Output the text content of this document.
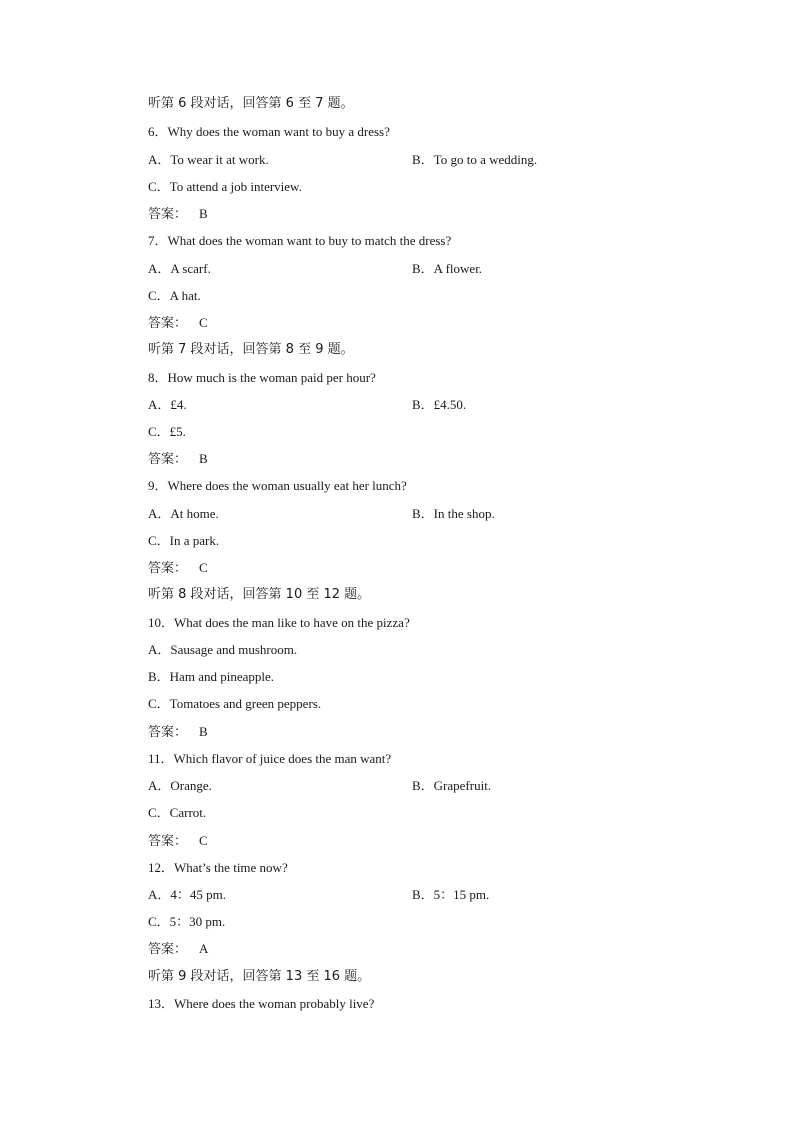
听第 6 段对话，回答第 6 至 7 题。
6．Why does the woman want to buy a dress?
A．To wear it at work.	B．To go to a wedding.
C．To attend a job interview.
答案： B
7．What does the woman want to buy to match the dress?
A．A scarf.	B．A flower.
C．A hat.
答案： C
听第 7 段对话，回答第 8 至 9 题。
8．How much is the woman paid per hour?
A．£4.	B．£4.50.
C．£5.
答案： B
9．Where does the woman usually eat her lunch?
A．At home.	B．In the shop.
C．In a park.
答案： C
听第 8 段对话，回答第 10 至 12 题。
10．What does the man like to have on the pizza?
A．Sausage and mushroom.
B．Ham and pineapple.
C．Tomatoes and green peppers.
答案： B
11．Which flavor of juice does the man want?
A．Orange.	B．Grapefruit.
C．Carrot.
答案： C
12．What’s the time now?
A．4：45 pm.	B．5：15 pm.
C．5：30 pm.
答案： A
听第 9 段对话，回答第 13 至 16 题。
13．Where does the woman probably live?
